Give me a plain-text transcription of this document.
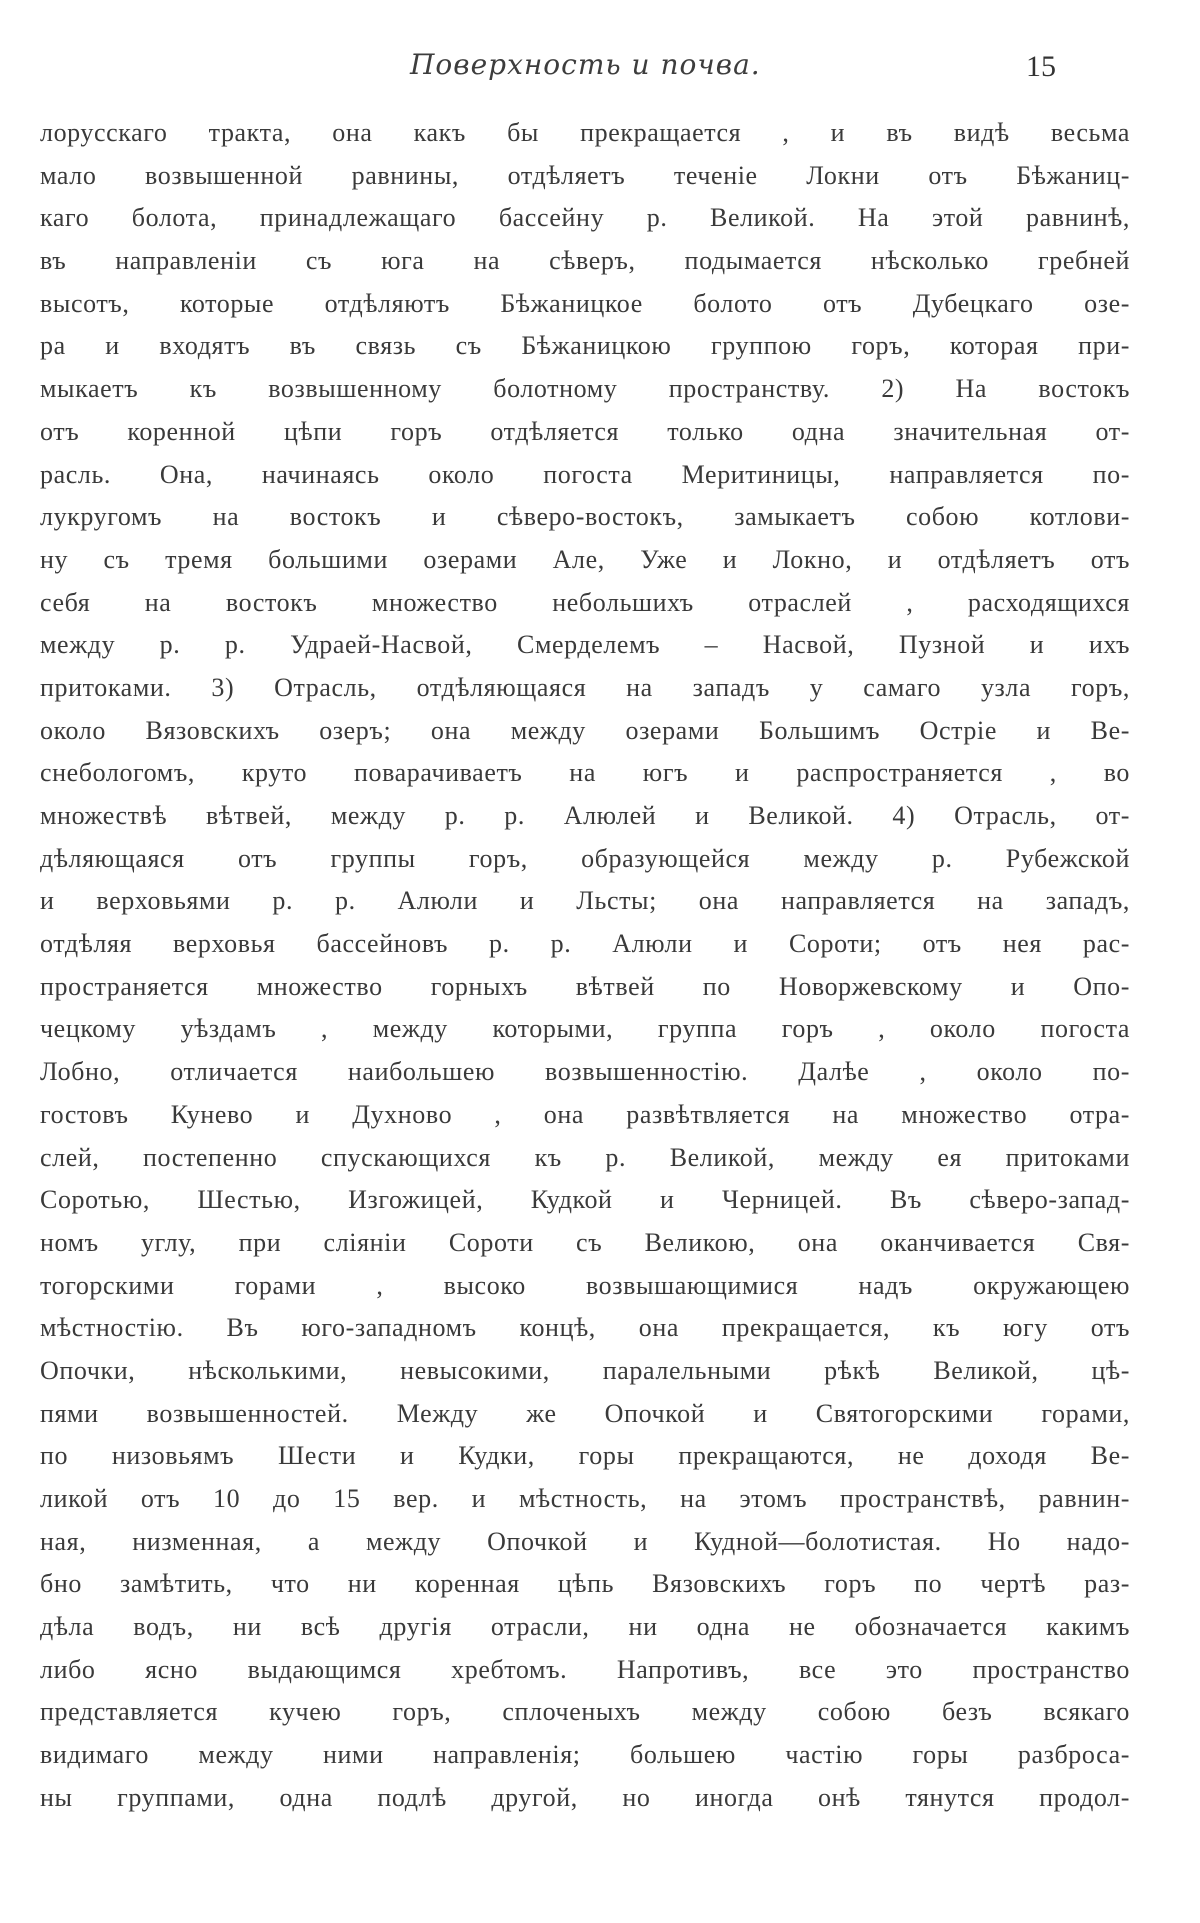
Поверхность и почва.	15
лорусскаго тракта, она какъ бы прекращается , и въ видѣ весьма
мало возвышенной равнины, отдѣляетъ теченіе Локни отъ Бѣжаниц-
каго болота, принадлежащаго бассейну р. Великой. На этой равнинѣ,
въ направленіи съ юга на сѣверъ, подымается нѣсколько гребней
высотъ, которые отдѣляютъ Бѣжаницкое болото отъ Дубецкаго озе-
ра и входятъ въ связь съ Бѣжаницкою группою горъ, которая при-
мыкаетъ къ возвышенному болотному пространству. 2) На востокъ
отъ коренной цѣпи горъ отдѣляется только одна значительная от-
расль. Она, начинаясь около погоста Меритиницы, направляется по-
лукругомъ на востокъ и сѣверо-востокъ, замыкаетъ собою котлови-
ну съ тремя большими озерами Але, Уже и Локно, и отдѣляетъ отъ
себя на востокъ множество небольшихъ отраслей , расходящихся
между р. р. Удраей-Насвой, Смерделемъ – Насвой, Пузной и ихъ
притоками. 3) Отрасль, отдѣляющаяся на западъ у самаго узла горъ,
около Вязовскихъ озеръ; она между озерами Большимъ Остріе и Ве-
снебологомъ, круто поварачиваетъ на югъ и распространяется , во
множествѣ вѣтвей, между р. р. Алюлей и Великой. 4) Отрасль, от-
дѣляющаяся отъ группы горъ, образующейся между р. Рубежской
и верховьями р. р. Алюли и Льсты; она направляется на западъ,
отдѣляя верховья бассейновъ р. р. Алюли и Сороти; отъ нея рас-
пространяется множество горныхъ вѣтвей по Новоржевскому и Опо-
чецкому уѣздамъ , между которыми, группа горъ , около погоста
Лобно, отличается наибольшею возвышенностію. Далѣе , около по-
гостовъ Кунево и Духново , она развѣтвляется на множество отра-
слей, постепенно спускающихся къ р. Великой, между ея притоками
Соротью, Шестью, Изгожицей, Кудкой и Черницей. Въ сѣверо-запад-
номъ углу, при сліяніи Сороти съ Великою, она оканчивается Свя-
тогорскими горами , высоко возвышающимися надъ окружающею
мѣстностію. Въ юго-западномъ концѣ, она прекращается, къ югу отъ
Опочки, нѣсколькими, невысокими, паралельными рѣкѣ Великой, цѣ-
пями возвышенностей. Между же Опочкой и Святогорскими горами,
по низовьямъ Шести и Кудки, горы прекращаются, не доходя Ве-
ликой отъ 10 до 15 вер. и мѣстность, на этомъ пространствѣ, равнин-
ная, низменная, а между Опочкой и Кудной—болотистая. Но надо-
бно замѣтить, что ни коренная цѣпь Вязовскихъ горъ по чертѣ раз-
дѣла водъ, ни всѣ другія отрасли, ни одна не обозначается какимъ
либо ясно выдающимся хребтомъ. Напротивъ, все это пространство
представляется кучею горъ, сплоченыхъ между собою безъ всякаго
видимаго между ними направленія; большею частію горы разброса-
ны группами, одна подлѣ другой, но иногда онѣ тянутся продол-
